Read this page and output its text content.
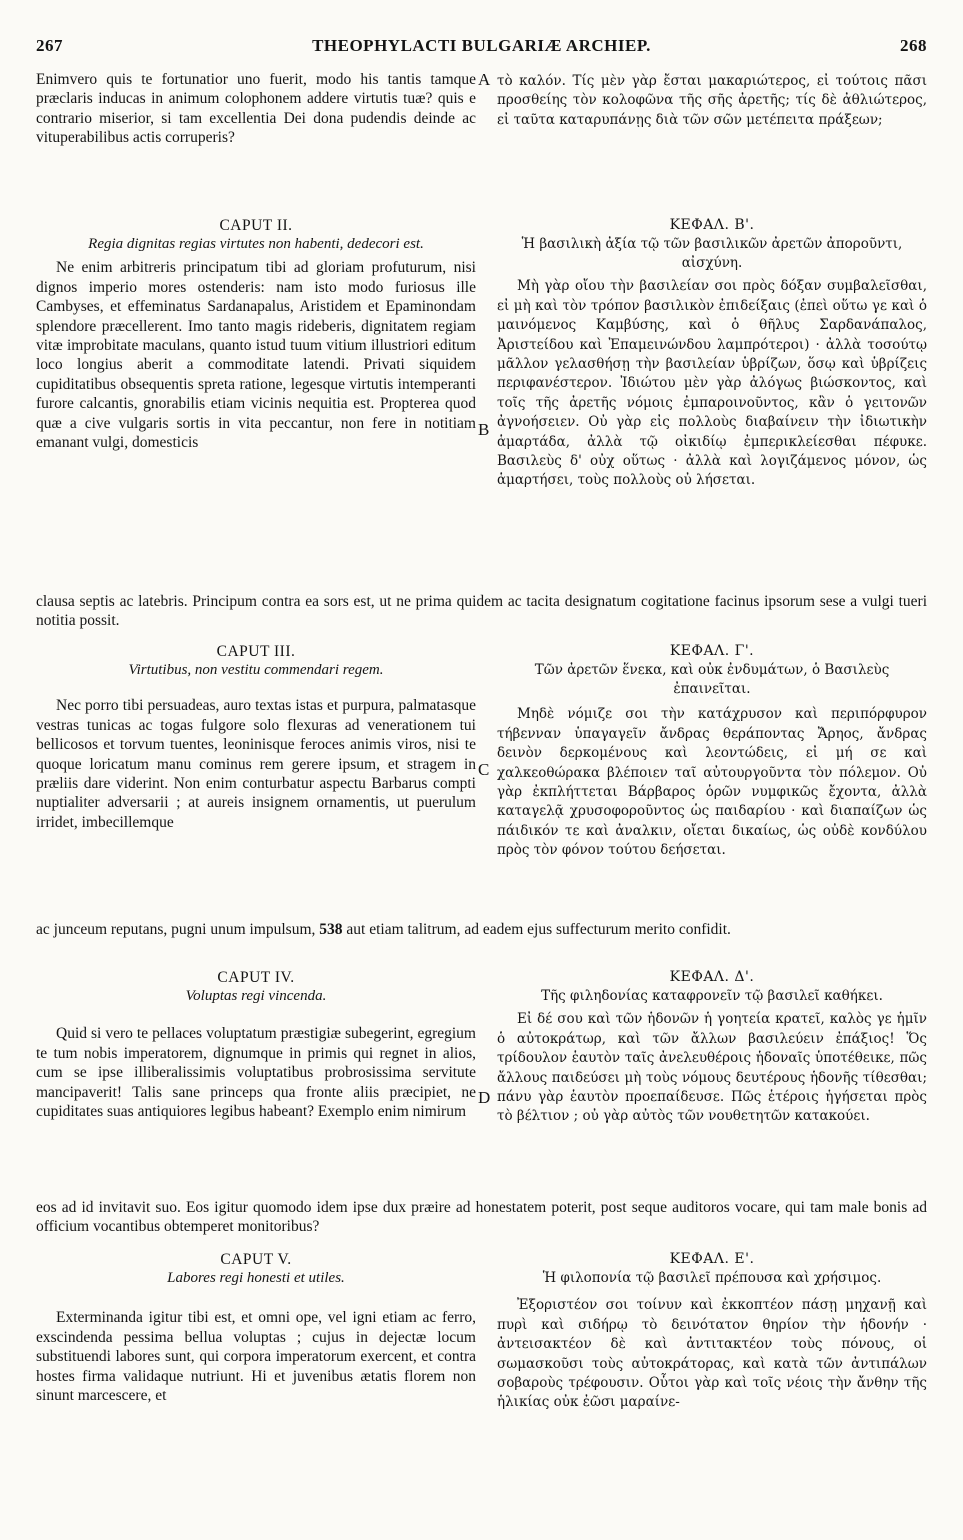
267	THEOPHYLACTI BULGARIÆ ARCHIEP.	268
A
B
C
D

Enimvero quis te fortunatior uno fuerit, modo his tantis tamque præclaris inducas in animum colophonem addere virtutis tuæ? quis e contrario miserior, si tam excellentia Dei dona pudendis deinde ac vituperabilibus actis corruperis?

τὸ καλόν. Τίς μὲν γὰρ ἔσται μακαριώτερος, εἰ τούτοις πᾶσι προσθείης τὸν κολοφῶνα τῆς σῆς ἀρετῆς; τίς δὲ ἀθλιώτερος, εἰ ταῦτα καταρυπάνῃς διὰ τῶν σῶν μετέπειτα πράξεων;

CAPUT II.
Regia dignitas regias virtutes non habenti, dedecori est.

Ne enim arbitreris principatum tibi ad gloriam profuturum, nisi dignos imperio mores ostenderis: nam isto modo furiosus ille Cambyses, et effeminatus Sardanapalus, Aristidem et Epaminondam splendore præcellerent. Imo tanto magis rideberis, dignitatem regiam vitæ improbitate maculans, quanto istud tuum vitium illustriori editum loco longius aberit a commoditate latendi. Privati siquidem cupiditatibus obsequentis spreta ratione, legesque virtutis intemperanti furore calcantis, gnorabilis etiam vicinis nequitia est. Propterea quod quæ a cive vulgaris sortis in vita peccantur, non fere in notitiam emanant vulgi, domesticis

ΚΕΦΑΛ. Β'.
Ἡ βασιλικὴ ἀξία τῷ τῶν βασιλικῶν ἀρετῶν ἀποροῦντι, αἰσχύνη.

Μὴ γὰρ οἴου τὴν βασιλείαν σοι πρὸς δόξαν συμβαλεῖσθαι, εἰ μὴ καὶ τὸν τρόπον βασιλικὸν ἐπιδείξαις (ἐπεὶ οὕτω γε καὶ ὁ μαινόμενος Καμβύσης, καὶ ὁ θῆλυς Σαρδανάπαλος, Ἀριστείδου καὶ Ἐπαμεινώνδου λαμπρότεροι) · ἀλλὰ τοσούτῳ μᾶλλον γελασθήσῃ τὴν βασιλείαν ὑβρίζων, ὅσῳ καὶ ὑβρίζεις περιφανέστερον. Ἰδιώτου μὲν γὰρ ἀλόγως βιώσκοντος, καὶ τοῖς τῆς ἀρετῆς νόμοις ἐμπαροινοῦντος, κἂν ὁ γειτονῶν ἀγνοήσειεν. Οὐ γὰρ εἰς πολλοὺς διαβαίνειν τὴν ἰδιωτικὴν ἁμαρτάδα, ἀλλὰ τῷ οἰκιδίῳ ἐμπερικλείεσθαι πέφυκε. Βασιλεὺς δ' οὐχ οὕτως · ἀλλὰ καὶ λογιζάμενος μόνον, ὡς ἁμαρτήσει, τοὺς πολλοὺς οὐ λήσεται.

clausa septis ac latebris. Principum contra ea sors est, ut ne prima quidem ac tacita designatum cogitatione facinus ipsorum sese a vulgi tueri notitia possit.

CAPUT III.
Virtutibus, non vestitu commendari regem.

Nec porro tibi persuadeas, auro textas istas et purpura, palmatasque vestras tunicas ac togas fulgore solo flexuras ad venerationem tui bellicosos et torvum tuentes, leoninisque feroces animis viros, nisi te quoque loricatum manu cominus rem gerere ipsum, et stragem in præliis dare viderint. Non enim conturbatur aspectu Barbarus compti nuptialiter adversarii ; at aureis insignem ornamentis, ut puerulum irridet, imbecillemque

ΚΕΦΑΛ. Γ'.
Τῶν ἀρετῶν ἕνεκα, καὶ οὐκ ἐνδυμάτων, ὁ Βασιλεὺς ἐπαινεῖται.

Μηδὲ νόμιζε σοι τὴν κατάχρυσον καὶ περιπόρφυρον τήβενναν ὑπαγαγεῖν ἄνδρας θεράποντας Ἄρηος, ἄνδρας δεινὸν δερκομένους καὶ λεοντώδεις, εἰ μή σε καὶ χαλκεοθώρακα βλέποιεν ταῖ αὐτουργοῦντα τὸν πόλεμον. Οὐ γὰρ ἐκπλήττεται Βάρβαρος ὁρῶν νυμφικῶς ἔχοντα, ἀλλὰ καταγελᾷ χρυσοφοροῦντος ὡς παιδαρίου · καὶ διαπαίζων ὡς πάιδικόν τε καὶ ἀναλκιν, οἴεται δικαίως, ὡς οὐδὲ κονδύλου πρὸς τὸν φόνον τούτου δεήσεται.

ac junceum reputans, pugni unum impulsum, 538 aut etiam talitrum, ad eadem ejus suffecturum merito confidit.

CAPUT IV.
Voluptas regi vincenda.

Quid si vero te pellaces voluptatum præstigiæ subegerint, egregium te tum nobis imperatorem, dignumque in primis qui regnet in alios, cum se ipse illiberalissimis voluptatibus probrosissima servitute mancipaverit! Talis sane princeps qua fronte aliis præcipiet, ne cupiditates suas antiquiores legibus habeant? Exemplo enim nimirum

ΚΕΦΑΛ. Δ'.
Τῆς φιληδονίας καταφρονεῖν τῷ βασιλεῖ καθήκει.

Εἰ δέ σου καὶ τῶν ἡδονῶν ἡ γοητεία κρατεῖ, καλὸς γε ἡμῖν ὁ αὐτοκράτωρ, καὶ τῶν ἄλλων βασιλεύειν ἐπάξιος! Ὅς τρίδουλον ἑαυτὸν ταῖς ἀνελευθέροις ἡδοναῖς ὑποτέθεικε, πῶς ἄλλους παιδεύσει μὴ τοὺς νόμους δευτέρους ἡδονῆς τίθεσθαι; πάνυ γὰρ ἑαυτὸν προεπαίδευσε. Πῶς ἑτέροις ἡγήσεται πρὸς τὸ βέλτιον ; οὐ γὰρ αὐτὸς τῶν νουθετητῶν κατακούει.

eos ad id invitavit suo. Eos igitur quomodo idem ipse dux præire ad honestatem poterit, post seque auditoros vocare, qui tam male bonis ad officium vocantibus obtemperet monitoribus?

CAPUT V.
Labores regi honesti et utiles.

Exterminanda igitur tibi est, et omni ope, vel igni etiam ac ferro, exscindenda pessima bellua voluptas ; cujus in dejectæ locum substituendi labores sunt, qui corpora imperatorum exercent, et contra hostes firma validaque nutriunt. Hi et juvenibus ætatis florem non sinunt marcescere, et

ΚΕΦΑΛ. Ε'.
Ἡ φιλοπονία τῷ βασιλεῖ πρέπουσα καὶ χρήσιμος.

Ἐξοριστέον σοι τοίνυν καὶ ἐκκοπτέον πάσῃ μηχανῇ καὶ πυρὶ καὶ σιδήρῳ τὸ δεινότατον θηρίον τὴν ἡδονήν · ἀντεισακτέον δὲ καὶ ἀντιτακτέον τοὺς πόνους, οἱ σωμασκοῦσι τοὺς αὐτοκράτορας, καὶ κατὰ τῶν ἀντιπάλων σοβαροὺς τρέφουσιν. Οὗτοι γὰρ καὶ τοῖς νέοις τὴν ἄνθην τῆς ἡλικίας οὐκ ἐῶσι μαραίνε-
